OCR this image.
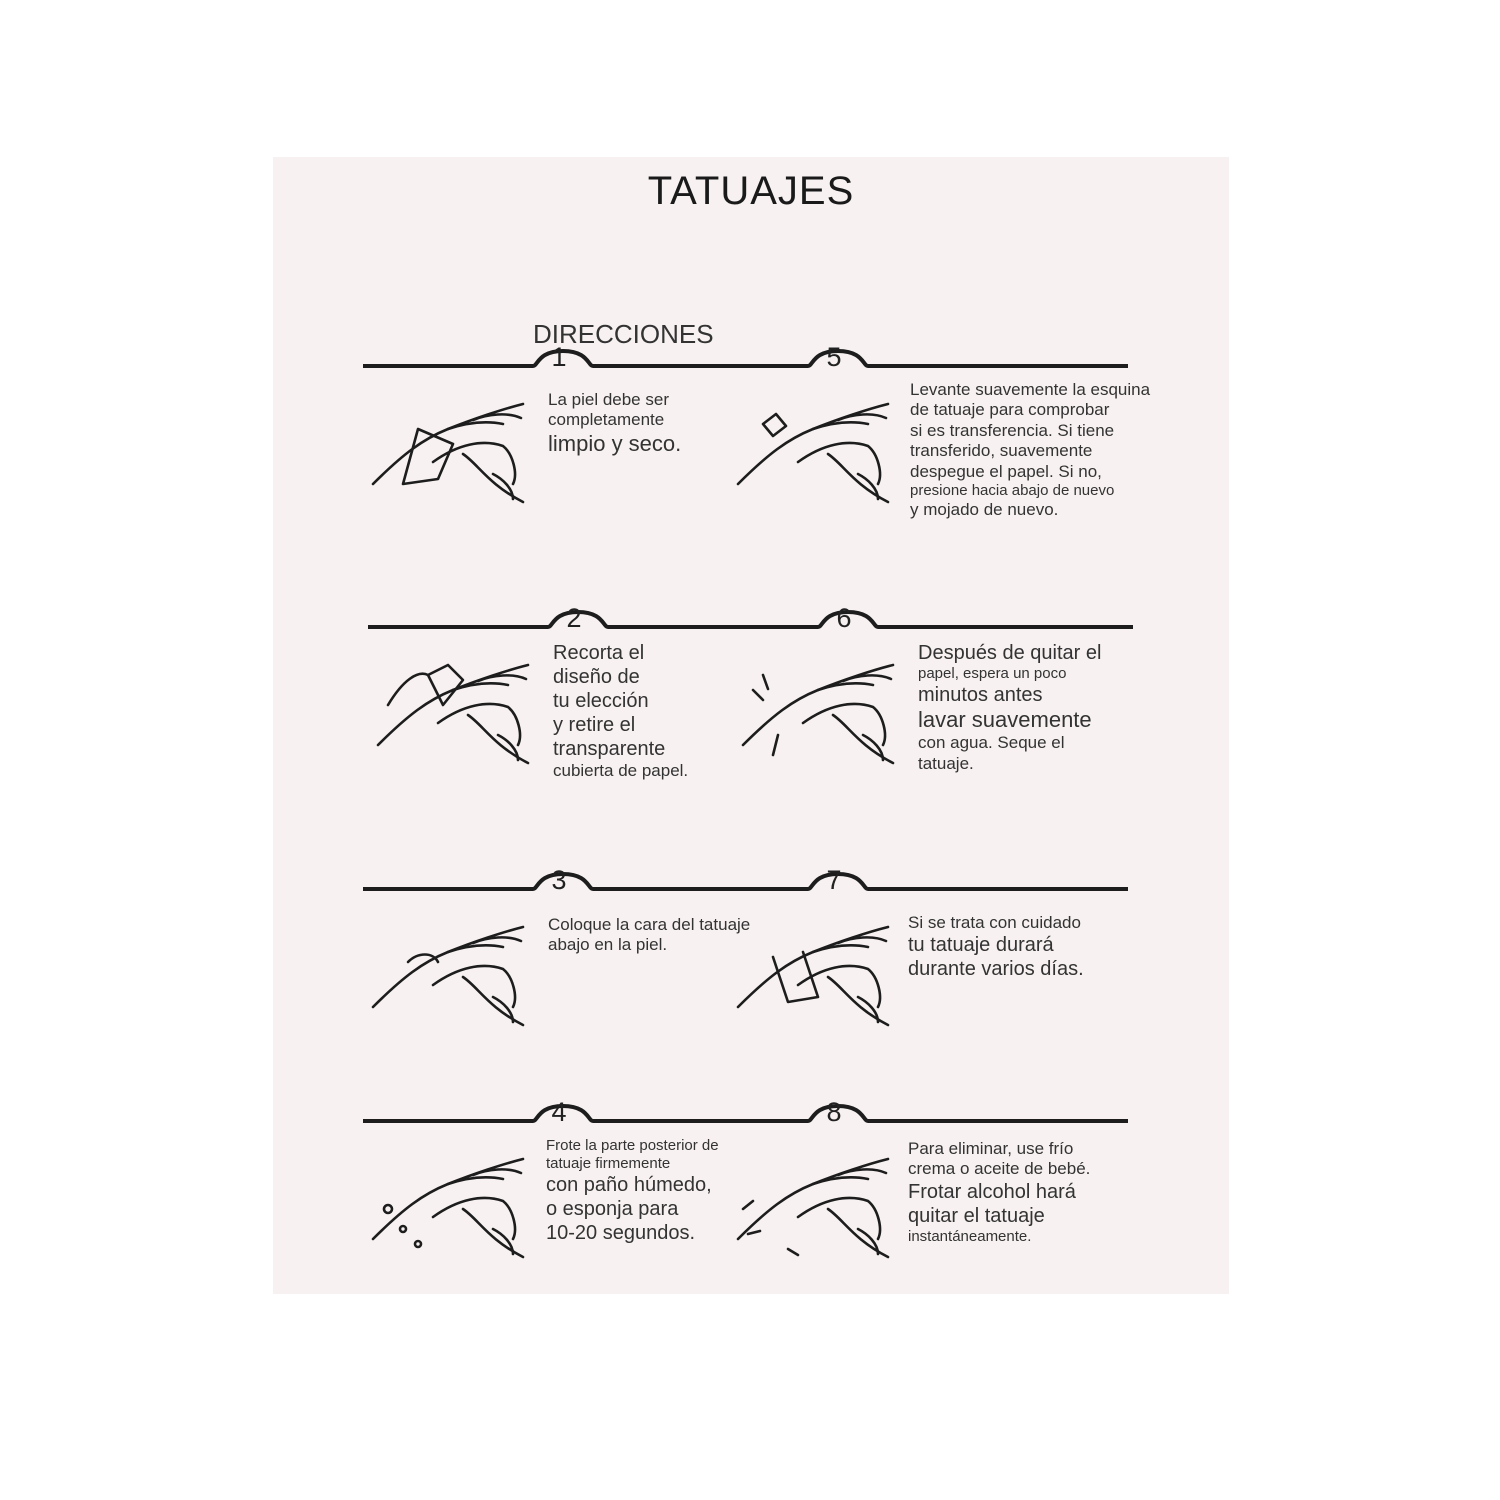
TATUAJES
DIRECCIONES
1
La piel debe ser
completamente
limpio y seco.
2
Recorta el
diseño de
tu elección
y retire el
transparente
cubierta de papel.
3
Coloque la cara del tatuaje
abajo en la piel.
4
Frote la parte posterior de
tatuaje firmemente
con paño húmedo,
o esponja para
10-20 segundos.
5
Levante suavemente la esquina
de tatuaje para comprobar
si es transferencia. Si tiene
transferido, suavemente
despegue el papel. Si no,
presione hacia abajo de nuevo
y mojado de nuevo.
6
Después de quitar el
papel, espera un poco
minutos antes
lavar suavemente
con agua. Seque el
tatuaje.
7
Si se trata con cuidado
tu tatuaje durará
durante varios días.
8
Para eliminar, use frío
crema o aceite de bebé.
Frotar alcohol hará
quitar el tatuaje
instantáneamente.
